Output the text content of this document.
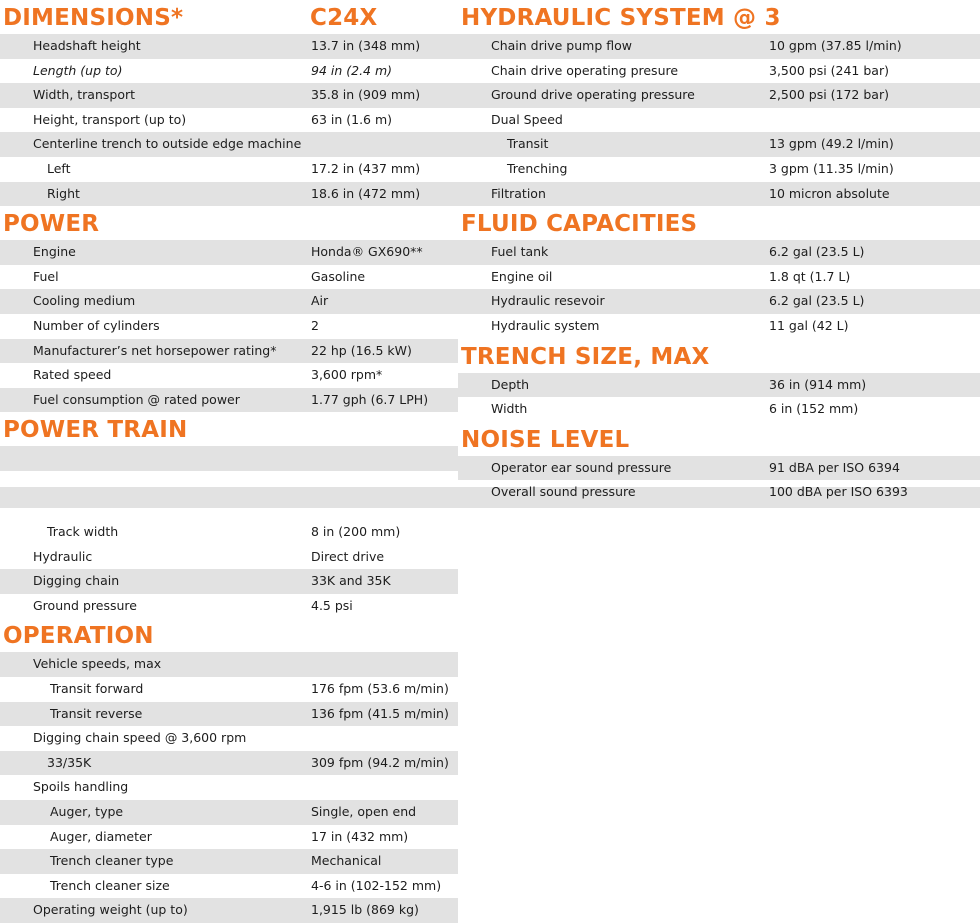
DIMENSIONS*	C24X
Headshaft height	13.7 in (348 mm)
Length (up to)	94 in (2.4 m)
Width, transport	35.8 in (909 mm)
Height, transport (up to)	63 in (1.6 m)
Centerline trench to outside edge machine
Left	17.2 in (437 mm)
Right	18.6 in (472 mm)
POWER
Engine	Honda® GX690**
Fuel	Gasoline
Cooling medium	Air
Number of cylinders	2
Manufacturer’s net horsepower rating*	22 hp (16.5 kW)
Rated speed	3,600 rpm*
Fuel consumption @ rated power	1.77 gph (6.7 LPH)
POWER TRAIN
Track width	8 in (200 mm)
Hydraulic	Direct drive
Digging chain	33K and 35K
Ground pressure	4.5 psi
OPERATION
Vehicle speeds, max
Transit forward	176 fpm (53.6 m/min)
Transit reverse	136 fpm (41.5 m/min)
Digging chain speed @ 3,600 rpm
33/35K	309 fpm (94.2 m/min)
Spoils handling
Auger, type	Single, open end
Auger, diameter	17 in (432 mm)
Trench cleaner type	Mechanical
Trench cleaner size	4-6 in (102-152 mm)
Operating weight (up to)	1,915 lb (869 kg)
HYDRAULIC SYSTEM @ 3
Chain drive pump flow	10 gpm (37.85 l/min)
Chain drive operating presure	3,500 psi (241 bar)
Ground drive operating pressure	2,500 psi (172 bar)
Dual Speed
Transit	13 gpm (49.2 l/min)
Trenching	3 gpm (11.35 l/min)
Filtration	10 micron absolute
FLUID CAPACITIES
Fuel tank	6.2 gal (23.5 L)
Engine oil	1.8 qt (1.7 L)
Hydraulic resevoir	6.2 gal (23.5 L)
Hydraulic system	11 gal (42 L)
TRENCH SIZE, MAX
Depth	36 in (914 mm)
Width	6 in (152 mm)
NOISE LEVEL
Operator ear sound pressure	91 dBA per ISO 6394
Overall sound pressure	100 dBA per ISO 6393
